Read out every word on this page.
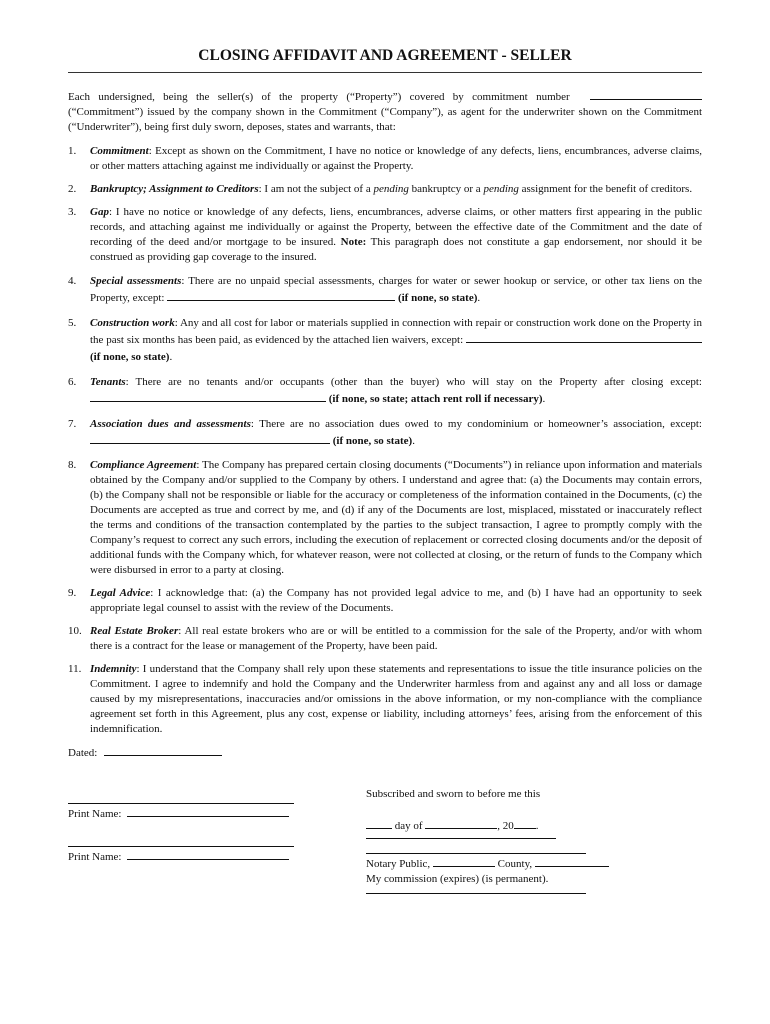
CLOSING AFFIDAVIT AND AGREEMENT - SELLER
Each undersigned, being the seller(s) of the property (“Property”) covered by commitment number  (“Commitment”) issued by the company shown in the Commitment (“Company”), as agent for the underwriter shown on the Commitment (“Underwriter”), being first duly sworn, deposes, states and warrants, that:
1. Commitment: Except as shown on the Commitment, I have no notice or knowledge of any defects, liens, encumbrances, adverse claims, or other matters attaching against me individually or against the Property.
2. Bankruptcy; Assignment to Creditors: I am not the subject of a pending bankruptcy or a pending assignment for the benefit of creditors.
3. Gap: I have no notice or knowledge of any defects, liens, encumbrances, adverse claims, or other matters first appearing in the public records, and attaching against me individually or against the Property, between the effective date of the Commitment and the date of recording of the deed and/or mortgage to be insured. Note: This paragraph does not constitute a gap endorsement, nor should it be construed as providing gap coverage to the insured.
4. Special assessments: There are no unpaid special assessments, charges for water or sewer hookup or service, or other tax liens on the Property, except:	(if none, so state).
5. Construction work: Any and all cost for labor or materials supplied in connection with repair or construction work done on the Property in the past six months has been paid, as evidenced by the attached lien waivers, except:  (if none, so state).
6. Tenants: There are no tenants and/or occupants (other than the buyer) who will stay on the Property after closing except:  (if none, so state; attach rent roll if necessary).
7. Association dues and assessments: There are no association dues owed to my condominium or homeowner’s association, except:  (if none, so state).
8. Compliance Agreement: The Company has prepared certain closing documents (“Documents”) in reliance upon information and materials obtained by the Company and/or supplied to the Company by others. I understand and agree that: (a) the Documents may contain errors, (b) the Company shall not be responsible or liable for the accuracy or completeness of the information contained in the Documents, (c) the Documents are accepted as true and correct by me, and (d) if any of the Documents are lost, misplaced, misstated or inaccurately reflect the terms and conditions of the transaction contemplated by the parties to the subject transaction, I agree to promptly comply with the Company’s request to correct any such errors, including the execution of replacement or corrected closing documents and/or the deposit of additional funds with the Company which, for whatever reason, were not collected at closing, or the return of funds to the Company which were disbursed in error to a party at closing.
9. Legal Advice: I acknowledge that: (a) the Company has not provided legal advice to me, and (b) I have had an opportunity to seek appropriate legal counsel to assist with the review of the Documents.
10. Real Estate Broker: All real estate brokers who are or will be entitled to a commission for the sale of the Property, and/or with whom there is a contract for the lease or management of the Property, have been paid.
11. Indemnity: I understand that the Company shall rely upon these statements and representations to issue the title insurance policies on the Commitment. I agree to indemnify and hold the Company and the Underwriter harmless from and against any and all loss or damage caused by my misrepresentations, inaccuracies and/or omissions in the above information, or my non-compliance with the compliance agreement set forth in this Agreement, plus any cost, expense or liability, including attorneys’ fees, arising from the enforcement of this indemnification.
Dated:
Print Name:
Print Name:
Subscribed and sworn to before me this
day of	, 20 .
Notary Public,	County,
My commission (expires) (is permanent).
